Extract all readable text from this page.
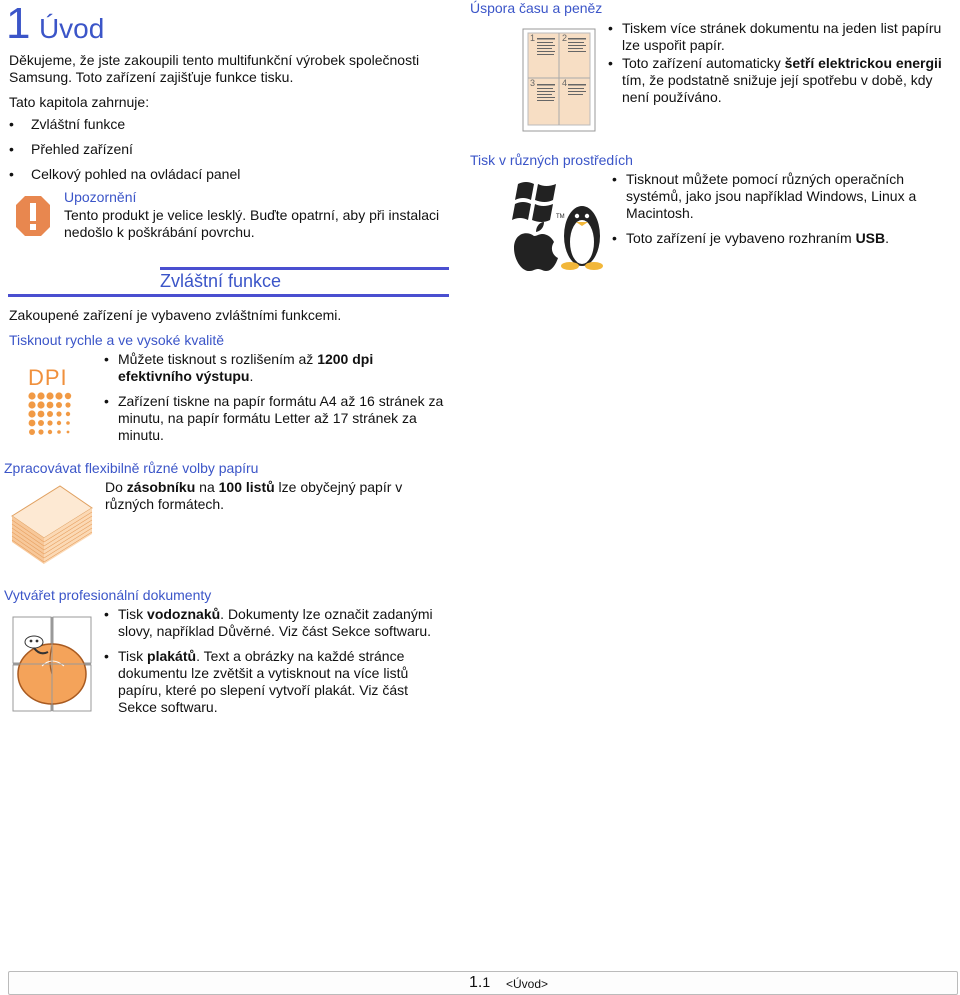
1 Úvod

Děkujeme, že jste zakoupili tento multifunkční výrobek společnosti Samsung. Toto zařízení zajišťuje funkce tisku.

Tato kapitola zahrnuje:

• Zvláštní funkce
• Přehled zařízení
• Celkový pohled na ovládací panel

Upozornění

Tento produkt je velice lesklý. Buďte opatrní, aby při instalaci nedošlo k poškrábání povrchu.

Zvláštní funkce

Zakoupené zařízení je vybaveno zvláštními funkcemi.

Tisknout rychle a ve vysoké kvalitě

DPI
• Můžete tisknout s rozlišením až 1200 dpi efektivního výstupu.
• Zařízení tiskne na papír formátu A4 až 16 stránek za minutu, na papír formátu Letter až 17 stránek za minutu.

Zpracovávat flexibilně různé volby papíru

Do zásobníku na 100 listů lze obyčejný papír v různých formátech.

Vytvářet profesionální dokumenty

• Tisk vodoznaků. Dokumenty lze označit zadanými slovy, například Důvěrné. Viz část Sekce softwaru.
• Tisk plakátů. Text a obrázky na každé stránce dokumentu lze zvětšit a vytisknout na více listů papíru, které po slepení vytvoří plakát. Viz část Sekce softwaru.

Úspora času a peněz

1	2
3	4
• Tiskem více stránek dokumentu na jeden list papíru lze uspořit papír.
• Toto zařízení automaticky šetří elektrickou energii tím, že podstatně snižuje její spotřebu v době, kdy není používáno.

Tisk v různých prostředích

TM
• Tisknout můžete pomocí různých operačních systémů, jako jsou například Windows, Linux a Macintosh.
• Toto zařízení je vybaveno rozhraním USB.
1.1 <Úvod>
